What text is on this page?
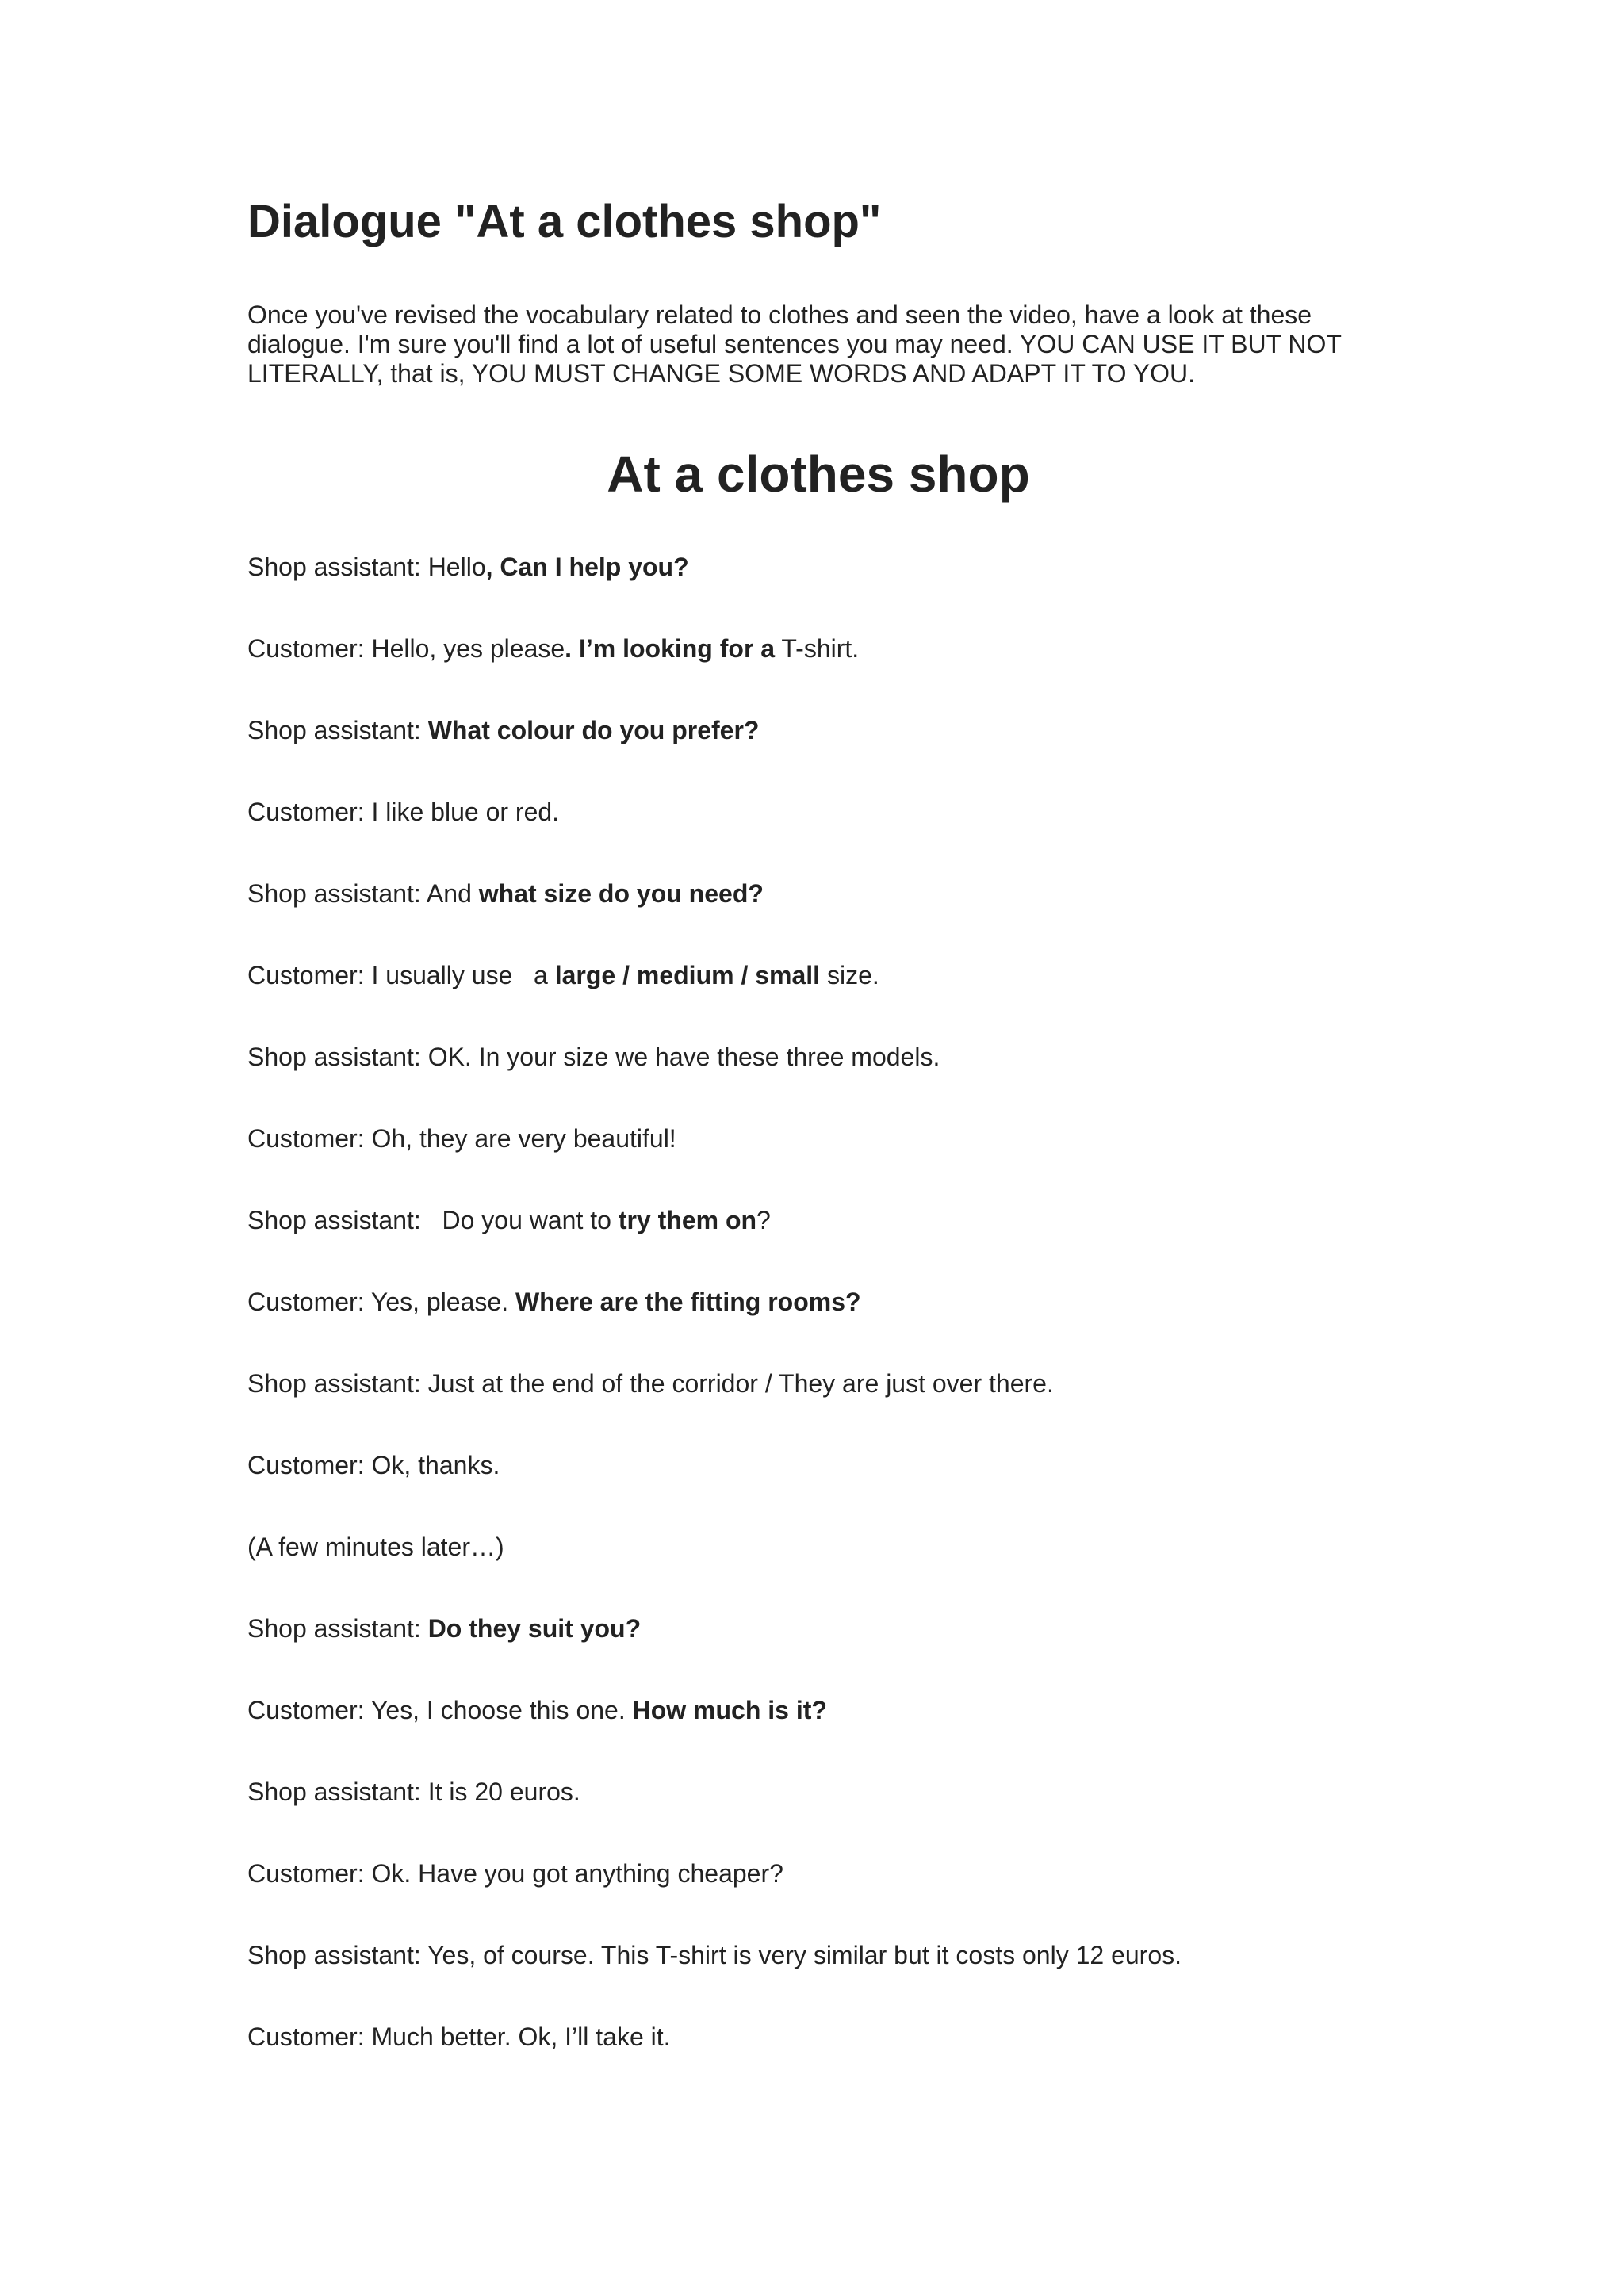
Dialogue "At a clothes shop"

Once you've revised the vocabulary related to clothes and seen the video, have a look at these dialogue. I'm sure you'll find a lot of useful sentences you may need. YOU CAN USE IT BUT NOT LITERALLY, that is, YOU MUST CHANGE SOME WORDS AND ADAPT IT TO YOU.

At a clothes shop
Shop assistant: Hello, Can I help you?
Customer: Hello, yes please. I’m looking for a T-shirt.
Shop assistant: What colour do you prefer?
Customer: I like blue or red.
Shop assistant: And what size do you need?
Customer: I usually use   a large / medium / small size.
Shop assistant: OK. In your size we have these three models.
Customer: Oh, they are very beautiful!
Shop assistant:   Do you want to try them on?
Customer: Yes, please. Where are the fitting rooms?
Shop assistant: Just at the end of the corridor / They are just over there.
Customer: Ok, thanks.
(A few minutes later…)
Shop assistant: Do they suit you?
Customer: Yes, I choose this one. How much is it?
Shop assistant: It is 20 euros.
Customer: Ok. Have you got anything cheaper?
Shop assistant: Yes, of course. This T-shirt is very similar but it costs only 12 euros.
Customer: Much better. Ok, I’ll take it.
